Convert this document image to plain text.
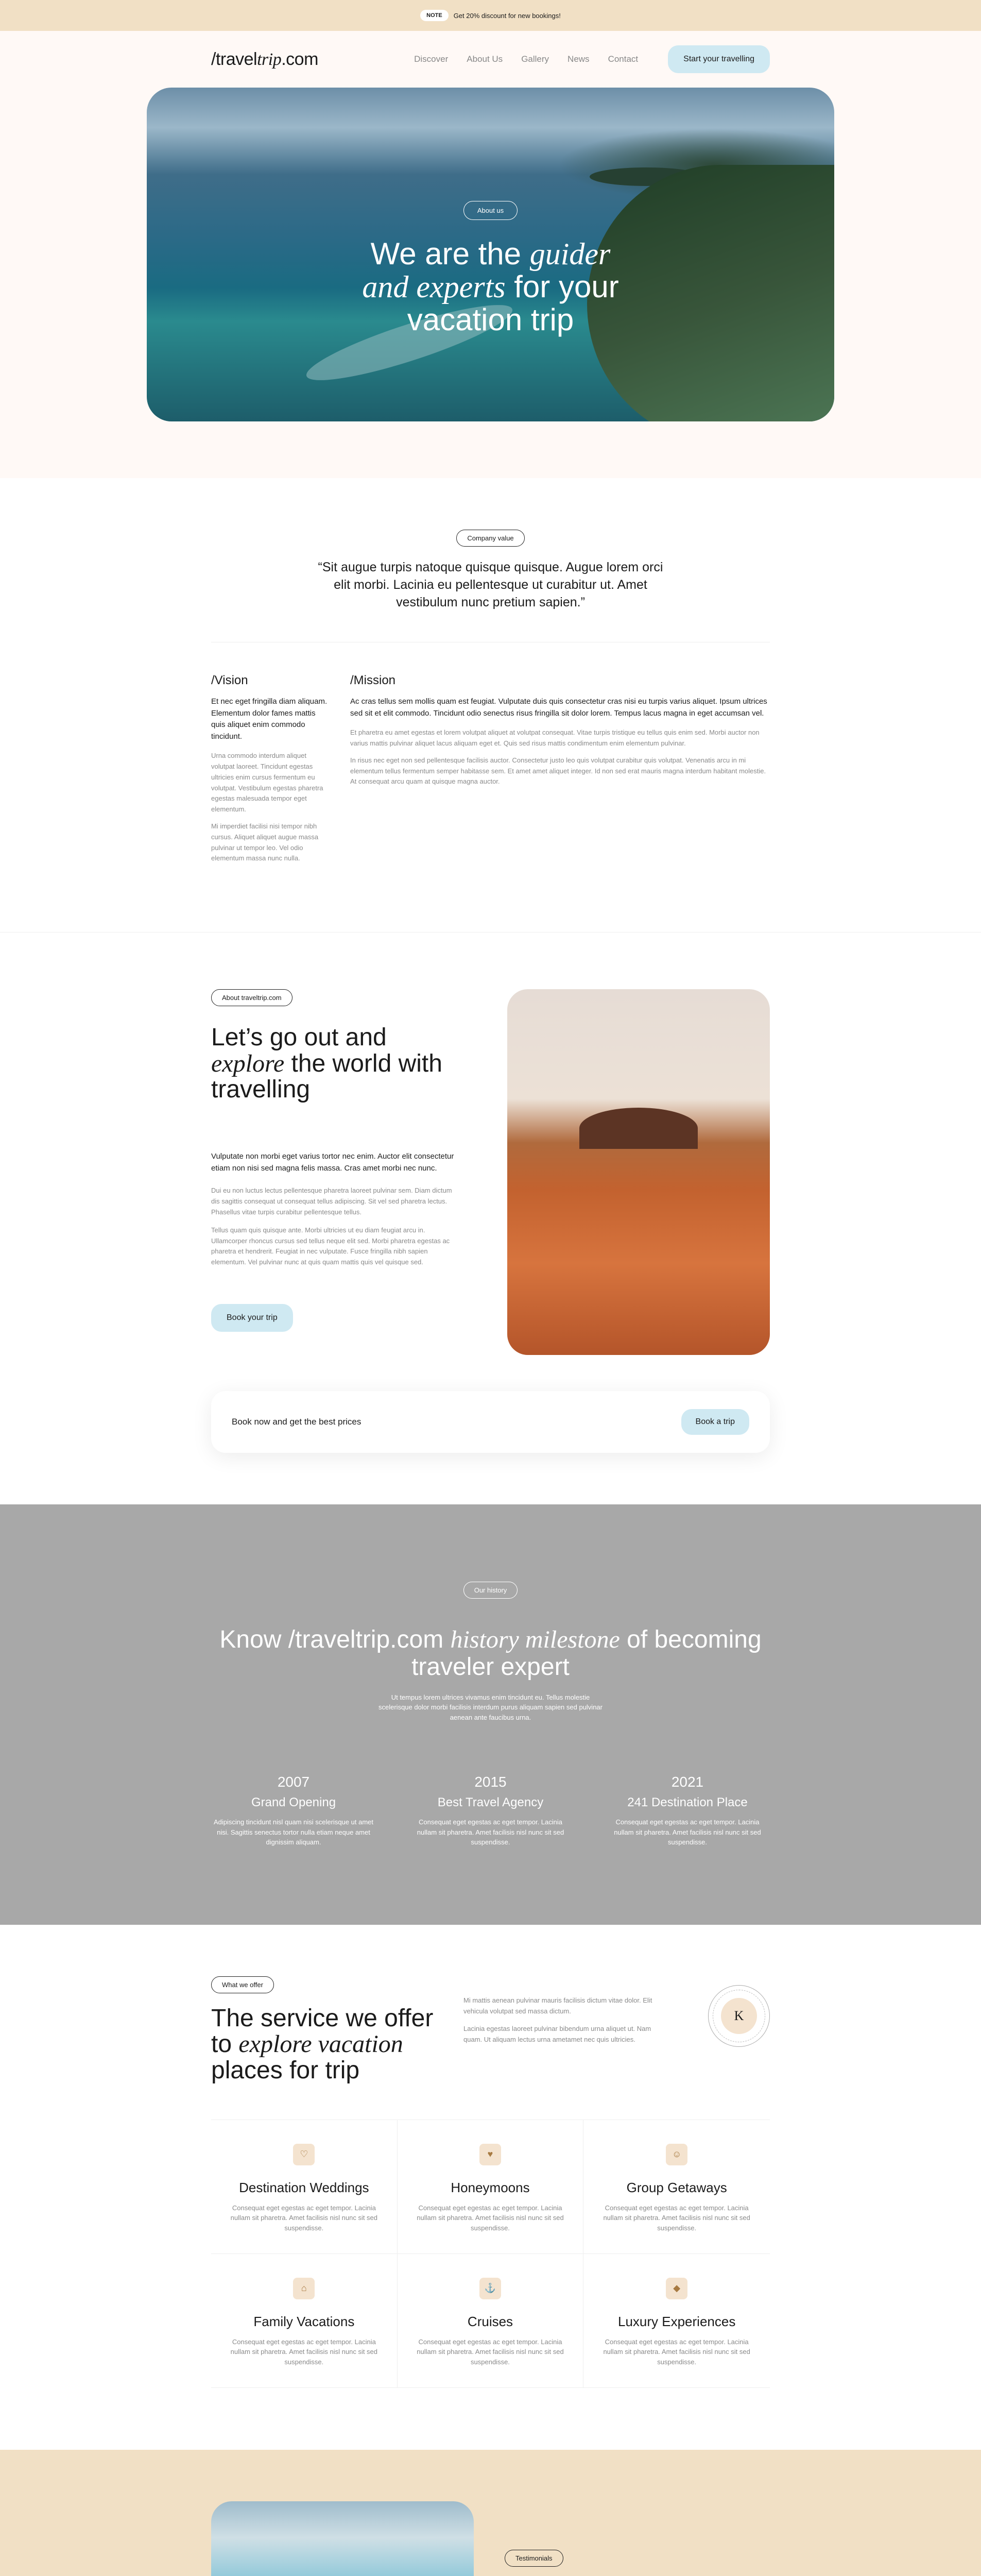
NOTE	Get 20% discount for new bookings!
/traveltrip.com	Discover About Us Gallery News Contact	Start your travelling
About us
We are the guider
and experts for your
vacation trip
Company value

“Sit augue turpis natoque quisque quisque. Augue lorem orci elit morbi. Lacinia eu pellentesque ut curabitur ut. Amet vestibulum nunc pretium sapien.”

/Vision

Et nec eget fringilla diam aliquam. Elementum dolor fames mattis quis aliquet enim commodo tincidunt.

Urna commodo interdum aliquet volutpat laoreet. Tincidunt egestas ultricies enim cursus fermentum eu volutpat. Vestibulum egestas pharetra egestas malesuada tempor eget elementum.

Mi imperdiet facilisi nisi tempor nibh cursus. Aliquet aliquet augue massa pulvinar ut tempor leo. Vel odio elementum massa nunc nulla.

/Mission

Ac cras tellus sem mollis quam est feugiat. Vulputate duis quis consectetur cras nisi eu turpis varius aliquet. Ipsum ultrices sed sit et elit commodo. Tincidunt odio senectus risus fringilla sit dolor lorem. Tempus lacus magna in eget accumsan vel.

Et pharetra eu amet egestas et lorem volutpat aliquet at volutpat consequat. Vitae turpis tristique eu tellus quis enim sed. Morbi auctor non varius mattis pulvinar aliquet lacus aliquam eget et. Quis sed risus mattis condimentum enim elementum pulvinar.

In risus nec eget non sed pellentesque facilisis auctor. Consectetur justo leo quis volutpat curabitur quis volutpat. Venenatis arcu in mi elementum tellus fermentum semper habitasse sem. Et amet amet aliquet integer. Id non sed erat mauris magna interdum habitant molestie. At consequat arcu quam at quisque magna auctor.

About traveltrip.com
Let’s go out and
explore the world with travelling

Vulputate non morbi eget varius tortor nec enim. Auctor elit consectetur etiam non nisi sed magna felis massa. Cras amet morbi nec nunc.

Dui eu non luctus lectus pellentesque pharetra laoreet pulvinar sem. Diam dictum dis sagittis consequat ut consequat tellus adipiscing. Sit vel sed pharetra lectus. Phasellus vitae turpis curabitur pellentesque tellus.

Tellus quam quis quisque ante. Morbi ultricies ut eu diam feugiat arcu in. Ullamcorper rhoncus cursus sed tellus neque elit sed. Morbi pharetra egestas ac pharetra et hendrerit. Feugiat in nec vulputate. Fusce fringilla nibh sapien elementum. Vel pulvinar nunc at quis quam mattis quis vel quisque sed.

Book your trip
Book now and get the best prices	Book a trip
Our history
Know /traveltrip.com history milestone of becoming traveler expert

Ut tempus lorem ultrices vivamus enim tincidunt eu. Tellus molestie scelerisque dolor morbi facilisis interdum purus aliquam sapien sed pulvinar aenean ante faucibus urna.

2007
Grand Opening
Adipiscing tincidunt nisl quam nisi scelerisque ut amet nisi. Sagittis senectus tortor nulla etiam neque amet dignissim aliquam.
2015
Best Travel Agency
Consequat eget egestas ac eget tempor. Lacinia nullam sit pharetra. Amet facilisis nisl nunc sit sed suspendisse.
2021
241 Destination Place
Consequat eget egestas ac eget tempor. Lacinia nullam sit pharetra. Amet facilisis nisl nunc sit sed suspendisse.
What we offer
The service we offer to explore vacation places for trip

Mi mattis aenean pulvinar mauris facilisis dictum vitae dolor. Elit vehicula volutpat sed massa dictum.

Lacinia egestas laoreet pulvinar bibendum urna aliquet ut. Nam quam. Ut aliquam lectus urna ametamet nec quis ultricies.

K
♡
Destination Weddings

Consequat eget egestas ac eget tempor. Lacinia nullam sit pharetra. Amet facilisis nisl nunc sit sed suspendisse.

♥
Honeymoons

Consequat eget egestas ac eget tempor. Lacinia nullam sit pharetra. Amet facilisis nisl nunc sit sed suspendisse.

☺
Group Getaways

Consequat eget egestas ac eget tempor. Lacinia nullam sit pharetra. Amet facilisis nisl nunc sit sed suspendisse.

⌂
Family Vacations

Consequat eget egestas ac eget tempor. Lacinia nullam sit pharetra. Amet facilisis nisl nunc sit sed suspendisse.

⚓
Cruises

Consequat eget egestas ac eget tempor. Lacinia nullam sit pharetra. Amet facilisis nisl nunc sit sed suspendisse.

◆
Luxury Experiences

Consequat eget egestas ac eget tempor. Lacinia nullam sit pharetra. Amet facilisis nisl nunc sit sed suspendisse.

Testimonials
